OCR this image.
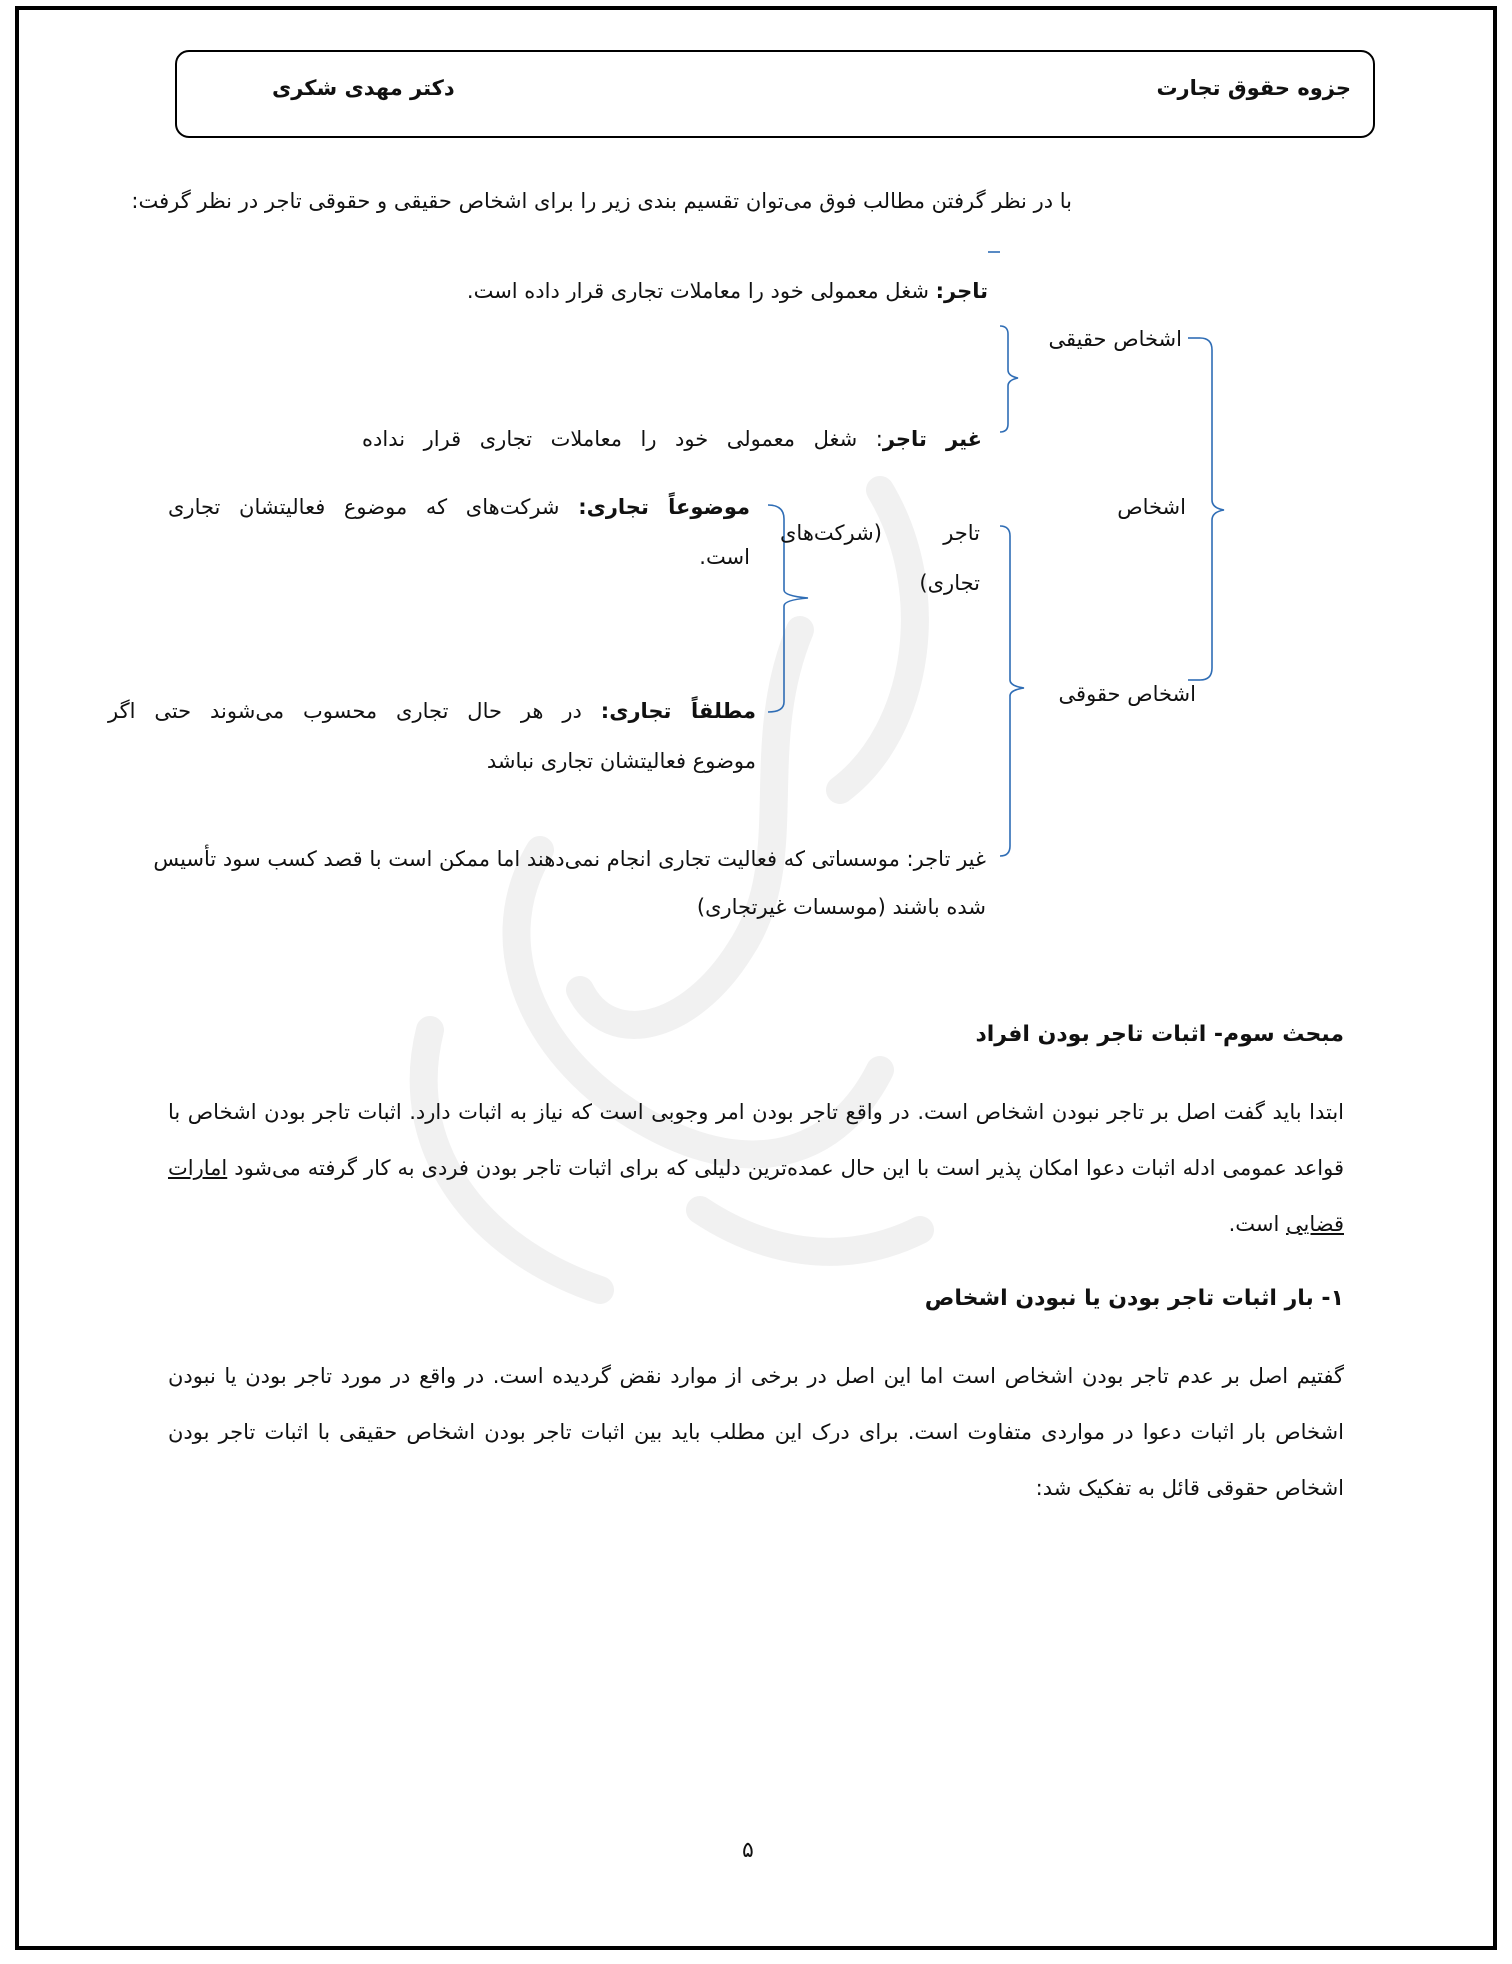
جزوه حقوق تجارت
دکتر مهدی شکری
با در نظر گرفتن مطالب فوق می‌توان تقسیم بندی زیر را برای اشخاص حقیقی و حقوقی تاجر در نظر گرفت:
اشخاص
اشخاص حقیقی
تاجر: شغل معمولی خود را معاملات تجاری قرار داده است.
غیر تاجر: شغل معمولی خود را معاملات تجاری قرار نداده
اشخاص حقوقی
تاجر (شرکت‌های
تجاری)
موضوعاً تجاری: شرکت‌های که موضوع فعالیتشان تجاری
است.
مطلقاً تجاری: در هر حال تجاری محسوب می‌شوند حتی اگر
موضوع فعالیتشان تجاری نباشد
غیر تاجر: موسساتی که فعالیت تجاری انجام نمی‌دهند اما ممکن است با قصد کسب سود تأسیس
شده باشند (موسسات غیرتجاری)
مبحث سوم- اثبات تاجر بودن افراد
ابتدا باید گفت اصل بر تاجر نبودن اشخاص است. در واقع تاجر بودن امر وجوبی است که نیاز به اثبات دارد. اثبات تاجر بودن اشخاص با قواعد عمومی ادله اثبات دعوا امکان پذیر است با این حال عمده‌ترین دلیلی که برای اثبات تاجر بودن فردی به کار گرفته می‌شود امارات قضایی است.
۱- بار اثبات تاجر بودن یا نبودن اشخاص
گفتیم اصل بر عدم تاجر بودن اشخاص است اما این اصل در برخی از موارد نقض گردیده است. در واقع در مورد تاجر بودن یا نبودن اشخاص بار اثبات دعوا در مواردی متفاوت است. برای درک این مطلب باید بین اثبات تاجر بودن اشخاص حقیقی با اثبات تاجر بودن اشخاص حقوقی قائل به تفکیک شد:
۵
